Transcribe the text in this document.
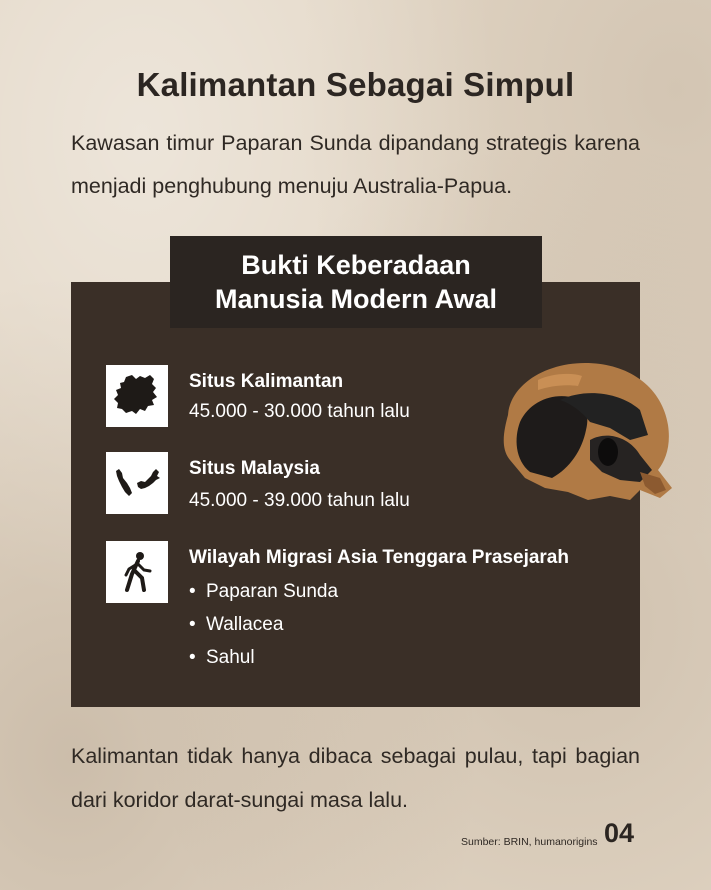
Kalimantan Sebagai Simpul
Kawasan timur Paparan Sunda dipandang strategis karena menjadi penghubung menuju Australia-Papua.
Bukti Keberadaan
Manusia Modern Awal
Situs Kalimantan
45.000 - 30.000 tahun lalu
Situs Malaysia
45.000 - 39.000 tahun lalu
Wilayah Migrasi Asia Tenggara Prasejarah
• Paparan Sunda
• Wallacea
• Sahul
Kalimantan tidak hanya dibaca sebagai pulau, tapi bagian dari koridor darat-sungai masa lalu.
Sumber: BRIN, humanorigins 04
